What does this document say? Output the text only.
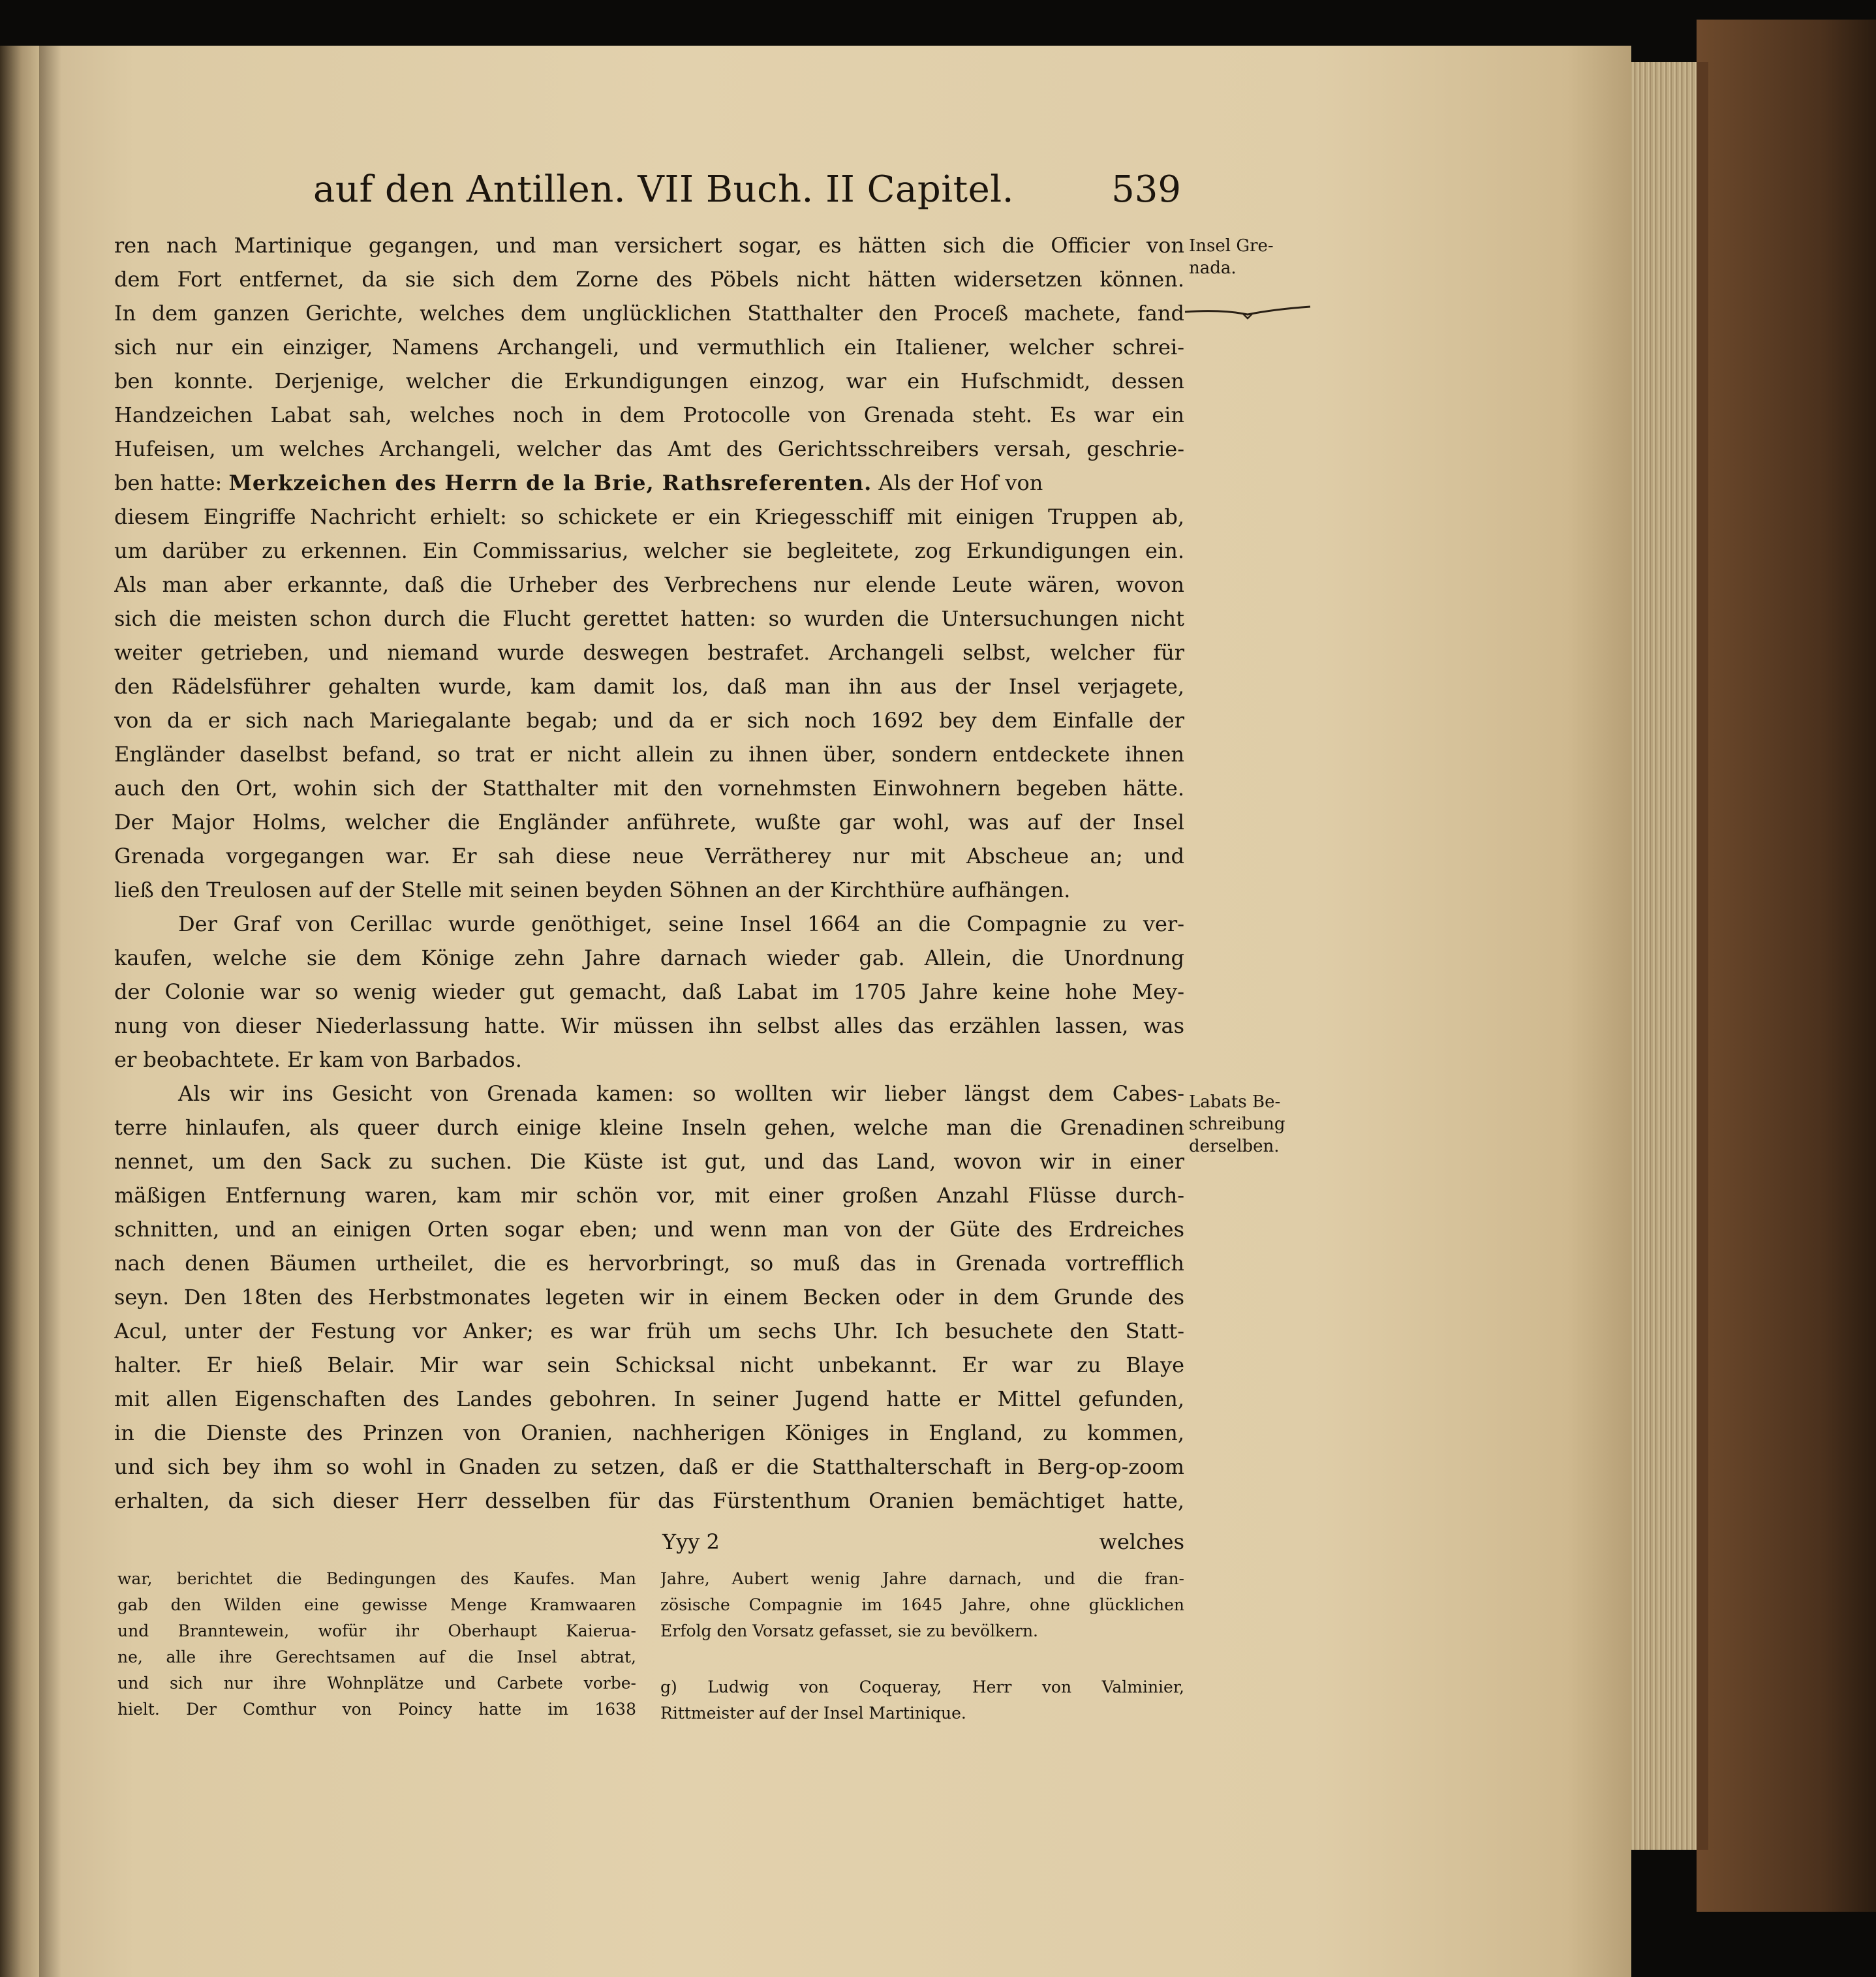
auf den Antillen. VII Buch. II Capitel.	539
ren nach Martinique gegangen, und man versichert sogar, es hätten sich die Officier von
dem Fort entfernet, da sie sich dem Zorne des Pöbels nicht hätten widersetzen können.
In dem ganzen Gerichte, welches dem unglücklichen Statthalter den Proceß machete, fand
sich nur ein einziger, Namens Archangeli, und vermuthlich ein Italiener, welcher schrei-
ben konnte. Derjenige, welcher die Erkundigungen einzog, war ein Hufschmidt, dessen
Handzeichen Labat sah, welches noch in dem Protocolle von Grenada steht. Es war ein
Hufeisen, um welches Archangeli, welcher das Amt des Gerichtsschreibers versah, geschrie-
ben hatte: Merkzeichen des Herrn de la Brie, Rathsreferenten. Als der Hof von
diesem Eingriffe Nachricht erhielt: so schickete er ein Kriegesschiff mit einigen Truppen ab,
um darüber zu erkennen. Ein Commissarius, welcher sie begleitete, zog Erkundigungen ein.
Als man aber erkannte, daß die Urheber des Verbrechens nur elende Leute wären, wovon
sich die meisten schon durch die Flucht gerettet hatten: so wurden die Untersuchungen nicht
weiter getrieben, und niemand wurde deswegen bestrafet. Archangeli selbst, welcher für
den Rädelsführer gehalten wurde, kam damit los, daß man ihn aus der Insel verjagete,
von da er sich nach Mariegalante begab; und da er sich noch 1692 bey dem Einfalle der
Engländer daselbst befand, so trat er nicht allein zu ihnen über, sondern entdeckete ihnen
auch den Ort, wohin sich der Statthalter mit den vornehmsten Einwohnern begeben hätte.
Der Major Holms, welcher die Engländer anführete, wußte gar wohl, was auf der Insel
Grenada vorgegangen war. Er sah diese neue Verrätherey nur mit Abscheue an; und
ließ den Treulosen auf der Stelle mit seinen beyden Söhnen an der Kirchthüre aufhängen.
Der Graf von Cerillac wurde genöthiget, seine Insel 1664 an die Compagnie zu ver-
kaufen, welche sie dem Könige zehn Jahre darnach wieder gab. Allein, die Unordnung
der Colonie war so wenig wieder gut gemacht, daß Labat im 1705 Jahre keine hohe Mey-
nung von dieser Niederlassung hatte. Wir müssen ihn selbst alles das erzählen lassen, was
er beobachtete. Er kam von Barbados.
Als wir ins Gesicht von Grenada kamen: so wollten wir lieber längst dem Cabes-
terre hinlaufen, als queer durch einige kleine Inseln gehen, welche man die Grenadinen
nennet, um den Sack zu suchen. Die Küste ist gut, und das Land, wovon wir in einer
mäßigen Entfernung waren, kam mir schön vor, mit einer großen Anzahl Flüsse durch-
schnitten, und an einigen Orten sogar eben; und wenn man von der Güte des Erdreiches
nach denen Bäumen urtheilet, die es hervorbringt, so muß das in Grenada vortrefflich
seyn. Den 18ten des Herbstmonates legeten wir in einem Becken oder in dem Grunde des
Acul, unter der Festung vor Anker; es war früh um sechs Uhr. Ich besuchete den Statt-
halter. Er hieß Belair. Mir war sein Schicksal nicht unbekannt. Er war zu Blaye
mit allen Eigenschaften des Landes gebohren. In seiner Jugend hatte er Mittel gefunden,
in die Dienste des Prinzen von Oranien, nachherigen Königes in England, zu kommen,
und sich bey ihm so wohl in Gnaden zu setzen, daß er die Statthalterschaft in Berg-op-zoom
erhalten, da sich dieser Herr desselben für das Fürstenthum Oranien bemächtiget hatte,
Yyy 2	welches
Insel Gre-
nada.
Labats Be-
schreibung
derselben.
war, berichtet die Bedingungen des Kaufes. Man
gab den Wilden eine gewisse Menge Kramwaaren
und Branntewein, wofür ihr Oberhaupt Kaierua-
ne, alle ihre Gerechtsamen auf die Insel abtrat,
und sich nur ihre Wohnplätze und Carbete vorbe-
hielt. Der Comthur von Poincy hatte im 1638
Jahre, Aubert wenig Jahre darnach, und die fran-
zösische Compagnie im 1645 Jahre, ohne glücklichen
Erfolg den Vorsatz gefasset, sie zu bevölkern.
g) Ludwig von Coqueray, Herr von Valminier,
Rittmeister auf der Insel Martinique.
